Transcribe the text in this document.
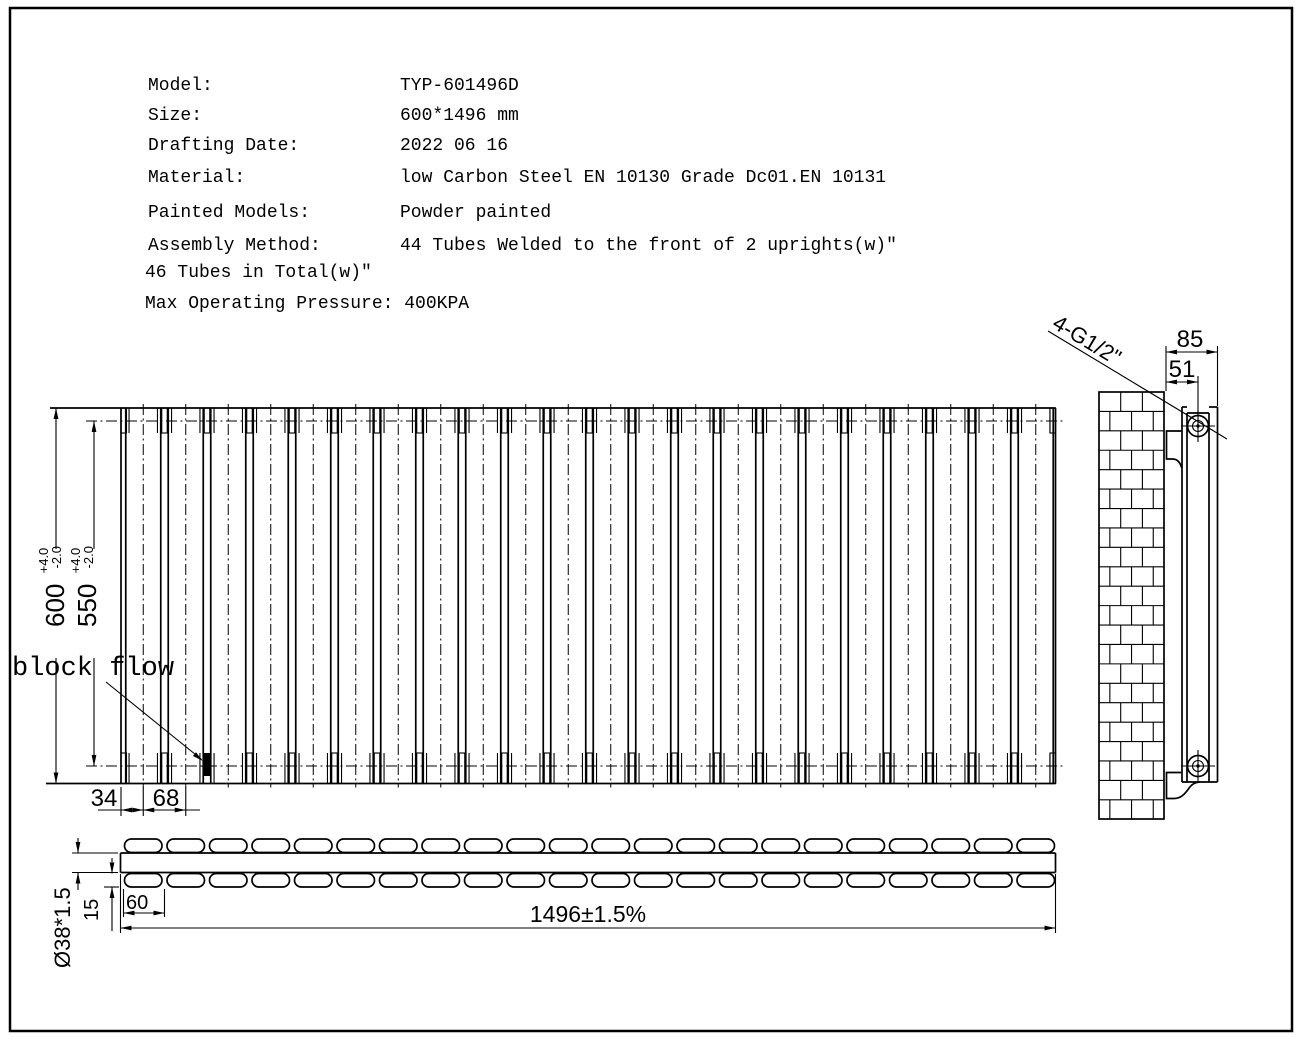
Model:	TYP-601496D
Size:	600*1496 mm
Drafting Date:	2022 06 16
Material:	low Carbon Steel EN 10130 Grade Dc01.EN 10131
Painted Models:	Powder painted
Assembly Method:	44 Tubes Welded to the front of 2 uprights(w)″
46 Tubes in Total(w)″
Max Operating Pressure: 400KPA
600 $^{+4.0}$ -2.0
550 $^{+4.0}$ -2.0
34 68
block flow
85
51
4-G1/2"
Ø38*1.5 15 60	1496±1.5%
